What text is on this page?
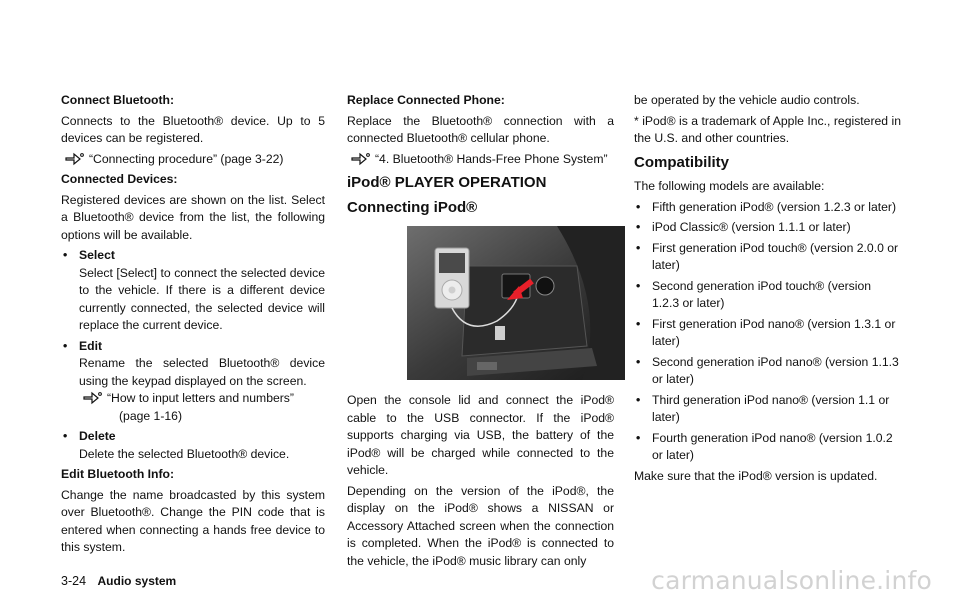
Connect Bluetooth:
Connects to the Bluetooth® device. Up to 5 devices can be registered.
“Connecting procedure” (page 3-22)
Connected Devices:
Registered devices are shown on the list. Select a Bluetooth® device from the list, the following options will be available.
• Select
Select [Select] to connect the selected device to the vehicle. If there is a different device currently connected, the selected device will replace the current device.
• Edit
Rename the selected Bluetooth® device using the keypad displayed on the screen.
“How to input letters and numbers”
(page 1-16)
• Delete
Delete the selected Bluetooth® device.
Edit Bluetooth Info:
Change the name broadcasted by this system over Bluetooth®. Change the PIN code that is entered when connecting a hands free device to this system.
Replace Connected Phone:
Replace the Bluetooth® connection with a connected Bluetooth® cellular phone.
“4. Bluetooth® Hands-Free Phone System”
iPod® PLAYER OPERATION
Connecting iPod®
Open the console lid and connect the iPod® cable to the USB connector. If the iPod® supports charging via USB, the battery of the iPod® will be charged while connected to the vehicle.
Depending on the version of the iPod®, the display on the iPod® shows a NISSAN or Accessory Attached screen when the connection is completed. When the iPod® is connected to the vehicle, the iPod® music library can only
be operated by the vehicle audio controls.
* iPod® is a trademark of Apple Inc., registered in the U.S. and other countries.
Compatibility
The following models are available:
• Fifth generation iPod® (version 1.2.3 or later)
• iPod Classic® (version 1.1.1 or later)
• First generation iPod touch® (version 2.0.0 or later)
• Second generation iPod touch® (version 1.2.3 or later)
• First generation iPod nano® (version 1.3.1 or later)
• Second generation iPod nano® (version 1.1.3 or later)
• Third generation iPod nano® (version 1.1 or later)
• Fourth generation iPod nano® (version 1.0.2 or later)
Make sure that the iPod® version is updated.
3-24 Audio system	carmanualsonline.info
